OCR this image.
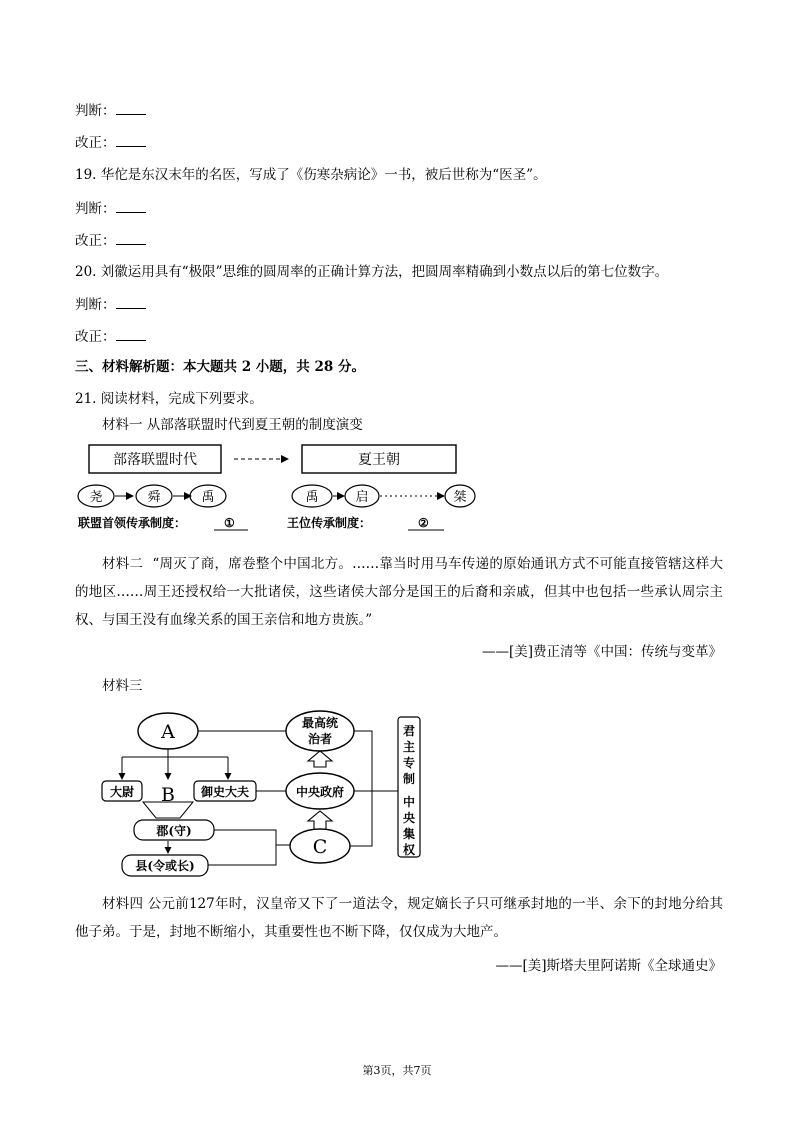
判断：
改正：
19. 华佗是东汉末年的名医，写成了《伤寒杂病论》一书，被后世称为“医圣”。
判断：
改正：
20. 刘徽运用具有“极限”思维的圆周率的正确计算方法，把圆周率精确到小数点以后的第七位数字。
判断：
改正：
三、材料解析题：本大题共 2 小题，共 28 分。
21. 阅读材料，完成下列要求。
材料一 从部落联盟时代到夏王朝的制度演变
部落联盟时代	夏王朝
尧	舜	禹	禹	启	桀
联盟首领传承制度：	①	王位传承制度：	②
材料二 “周灭了商，席卷整个中国北方。……靠当时用马车传递的原始通讯方式不可能直接管辖这样大的地区……周王还授权给一大批诸侯，这些诸侯大部分是国王的后裔和亲戚，但其中也包括一些承认周宗主权、与国王没有血缘关系的国王亲信和地方贵族。”
——[美]费正清等《中国：传统与变革》
材料三
A
大尉 B 御史大夫
郡(守)
县(令或长)
最高统
治者
中央政府
C
君
主
专
制
中
央
集
权
材料四 公元前127年时，汉皇帝又下了一道法令，规定嫡长子只可继承封地的一半、余下的封地分给其他子弟。于是，封地不断缩小，其重要性也不断下降，仅仅成为大地产。
——[美]斯塔夫里阿诺斯《全球通史》
第3页，共7页
